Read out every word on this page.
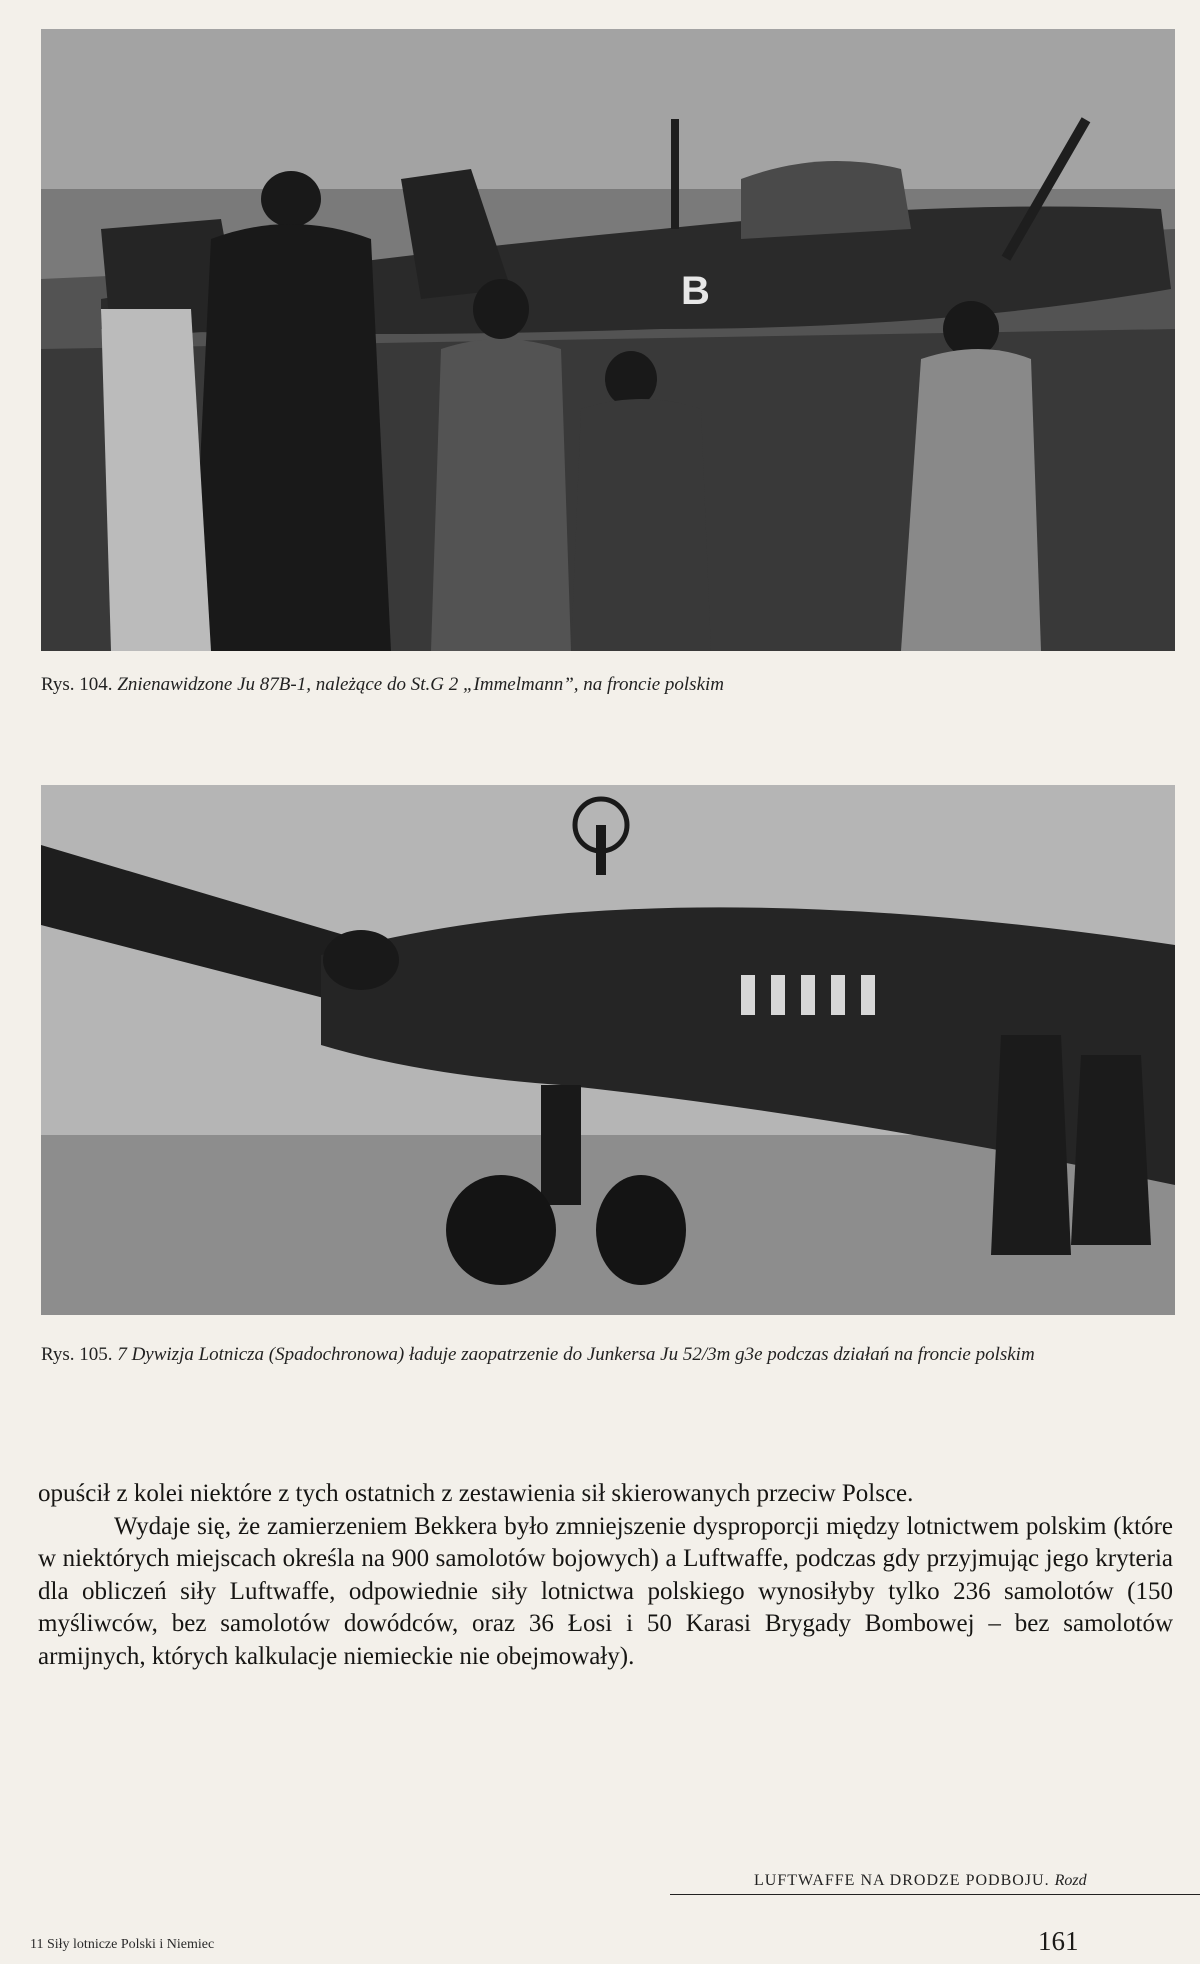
B
Rys. 104. Znienawidzone Ju 87B-1, należące do St.G 2 „Immelmann”, na froncie polskim
Rys. 105. 7 Dywizja Lotnicza (Spadochronowa) ładuje zaopatrzenie do Junkersa Ju 52/3m g3e podczas działań na froncie polskim

opuścił z kolei niektóre z tych ostatnich z zestawienia sił skierowanych przeciw Polsce.

Wydaje się, że zamierzeniem Bekkera było zmniejszenie dysproporcji między lotnictwem polskim (które w niektórych miejscach określa na 900 samolotów bojowych) a Luftwaffe, podczas gdy przyjmując jego kryteria dla obliczeń siły Luftwaffe, odpowiednie siły lotnictwa polskiego wynosiłyby tylko 236 samolotów (150 myśliwców, bez samolotów dowódców, oraz 36 Łosi i 50 Karasi Brygady Bombowej – bez samolotów armijnych, których kalkulacje niemieckie nie obejmowały).

LUFTWAFFE NA DRODZE PODBOJU. Rozd
11 Siły lotnicze Polski i Niemiec	161
